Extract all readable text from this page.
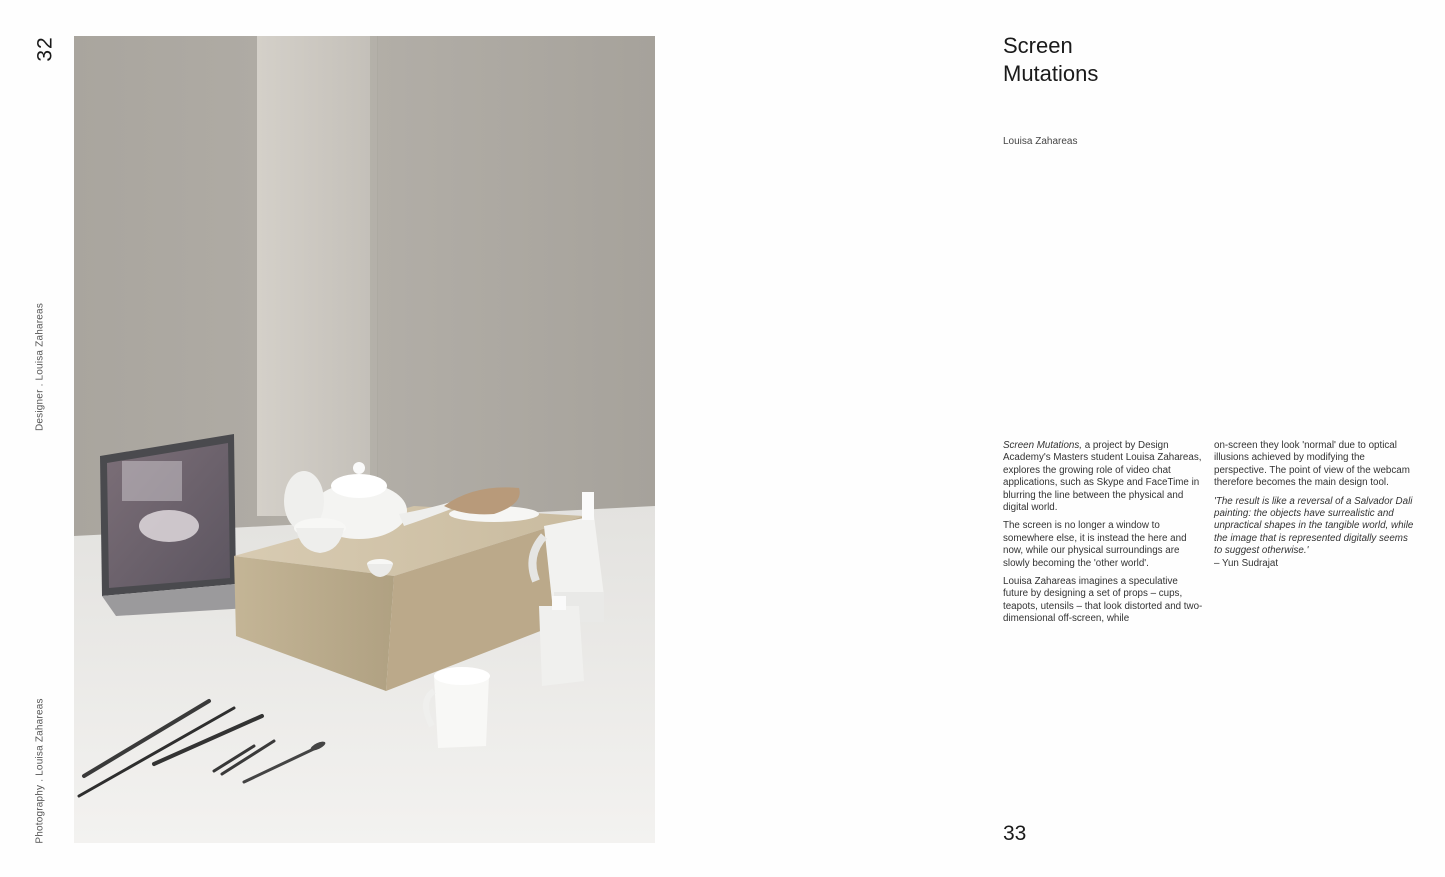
32
Designer . Louisa Zahareas
Photography . Louisa Zahareas
Screen
Mutations
Louisa Zahareas

Screen Mutations, a project by Design Academy's Masters student Louisa Zahareas, explores the growing role of video chat applications, such as Skype and FaceTime in blurring the line between the physical and digital world.

The screen is no longer a window to somewhere else, it is instead the here and now, while our physical surroundings are slowly becoming the 'other world'.

Louisa Zahareas imagines a speculative future by designing a set of props – cups, teapots, utensils – that look distorted and two-dimensional off-screen, while

on-screen they look 'normal' due to optical illusions achieved by modifying the perspective. The point of view of the webcam therefore becomes the main design tool.

'The result is like a reversal of a Salvador Dali painting: the objects have surrealistic and unpractical shapes in the tangible world, while the image that is represented digitally seems to suggest otherwise.'

– Yun Sudrajat

33
